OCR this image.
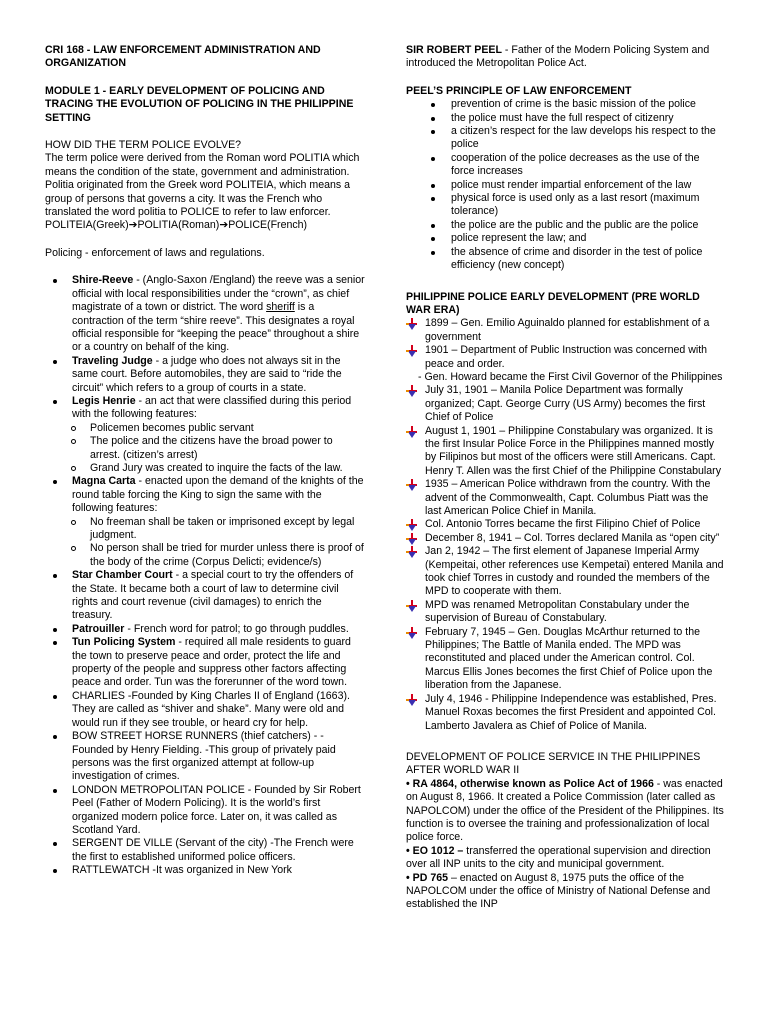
CRI 168 - LAW ENFORCEMENT ADMINISTRATION AND ORGANIZATION

MODULE 1 - EARLY DEVELOPMENT OF POLICING AND TRACING THE EVOLUTION OF POLICING IN THE PHILIPPINE SETTING

HOW DID THE TERM POLICE EVOLVE?

The term police were derived from the Roman word POLITIA which means the condition of the state, government and administration. Politia originated from the Greek word POLITEIA, which means a group of persons that governs a city. It was the French who translated the word politia to POLICE to refer to law enforcer.

POLITEIA(Greek)➔POLITIA(Roman)➔POLICE(French)

Policing - enforcement of laws and regulations.

Shire-Reeve - (Anglo-Saxon /England) the reeve was a senior official with local responsibilities under the “crown”, as chief magistrate of a town or district. The word sheriff is a contraction of the term “shire reeve”. This designates a royal official responsible for “keeping the peace” throughout a shire or a country on behalf of the king.
Traveling Judge - a judge who does not always sit in the same court. Before automobiles, they are said to “ride the circuit” which refers to a group of courts in a state.
Legis Henrie - an act that were classified during this period with the following features:
Policemen becomes public servant
The police and the citizens have the broad power to arrest. (citizen’s arrest)
Grand Jury was created to inquire the facts of the law.
Magna Carta - enacted upon the demand of the knights of the round table forcing the King to sign the same with the following features:
No freeman shall be taken or imprisoned except by legal judgment.
No person shall be tried for murder unless there is proof of the body of the crime (Corpus Delicti; evidence/s)
Star Chamber Court - a special court to try the offenders of the State. It became both a court of law to determine civil rights and court revenue (civil damages) to enrich the treasury.
Patrouiller - French word for patrol; to go through puddles.
Tun Policing System - required all male residents to guard the town to preserve peace and order, protect the life and property of the people and suppress other factors affecting peace and order. Tun was the forerunner of the word town.
CHARLIES -Founded by King Charles II of England (1663). They are called as “shiver and shake”. Many were old and would run if they see trouble, or heard cry for help.
BOW STREET HORSE RUNNERS (thief catchers) - -Founded by Henry Fielding. -This group of privately paid persons was the first organized attempt at follow-up investigation of crimes.
LONDON METROPOLITAN POLICE - Founded by Sir Robert Peel (Father of Modern Policing). It is the world’s first organized modern police force. Later on, it was called as Scotland Yard.
SERGENT DE VILLE (Servant of the city) -The French were the first to established uniformed police officers.
RATTLEWATCH -It was organized in New York

SIR ROBERT PEEL - Father of the Modern Policing System and introduced the Metropolitan Police Act.

PEEL’S PRINCIPLE OF LAW ENFORCEMENT

prevention of crime is the basic mission of the police
the police must have the full respect of citizenry
a citizen’s respect for the law develops his respect to the police
cooperation of the police decreases as the use of the force increases
police must render impartial enforcement of the law
physical force is used only as a last resort (maximum tolerance)
the police are the public and the public are the police
police represent the law; and
the absence of crime and disorder in the test of police efficiency (new concept)

PHILIPPINE POLICE EARLY DEVELOPMENT (PRE WORLD WAR ERA)

1899 – Gen. Emilio Aguinaldo planned for establishment of a government
1901 – Department of Public Instruction was concerned with peace and order.
- Gen. Howard became the First Civil Governor of the Philippines
July 31, 1901 – Manila Police Department was formally organized; Capt. George Curry (US Army) becomes the first Chief of Police
August 1, 1901 – Philippine Constabulary was organized. It is the first Insular Police Force in the Philippines manned mostly by Filipinos but most of the officers were still Americans. Capt. Henry T. Allen was the first Chief of the Philippine Constabulary
1935 – American Police withdrawn from the country. With the advent of the Commonwealth, Capt. Columbus Piatt was the last American Police Chief in Manila.
Col. Antonio Torres became the first Filipino Chief of Police
December 8, 1941 – Col. Torres declared Manila as “open city”
Jan 2, 1942 – The first element of Japanese Imperial Army (Kempeitai, other references use Kempetai) entered Manila and took chief Torres in custody and rounded the members of the MPD to cooperate with them.
MPD was renamed Metropolitan Constabulary under the supervision of Bureau of Constabulary.
February 7, 1945 – Gen. Douglas McArthur returned to the Philippines; The Battle of Manila ended. The MPD was reconstituted and placed under the American control. Col. Marcus Ellis Jones becomes the first Chief of Police upon the liberation from the Japanese.
July 4, 1946 - Philippine Independence was established, Pres. Manuel Roxas becomes the first President and appointed Col. Lamberto Javalera as Chief of Police of Manila.

DEVELOPMENT OF POLICE SERVICE IN THE PHILIPPINES AFTER WORLD WAR II

• RA 4864, otherwise known as Police Act of 1966 - was enacted on August 8, 1966. It created a Police Commission (later called as NAPOLCOM) under the office of the President of the Philippines. Its function is to oversee the training and professionalization of local police force.

• EO 1012 – transferred the operational supervision and direction over all INP units to the city and municipal government.

• PD 765 – enacted on August 8, 1975 puts the office of the NAPOLCOM under the office of Ministry of National Defense and established the INP
